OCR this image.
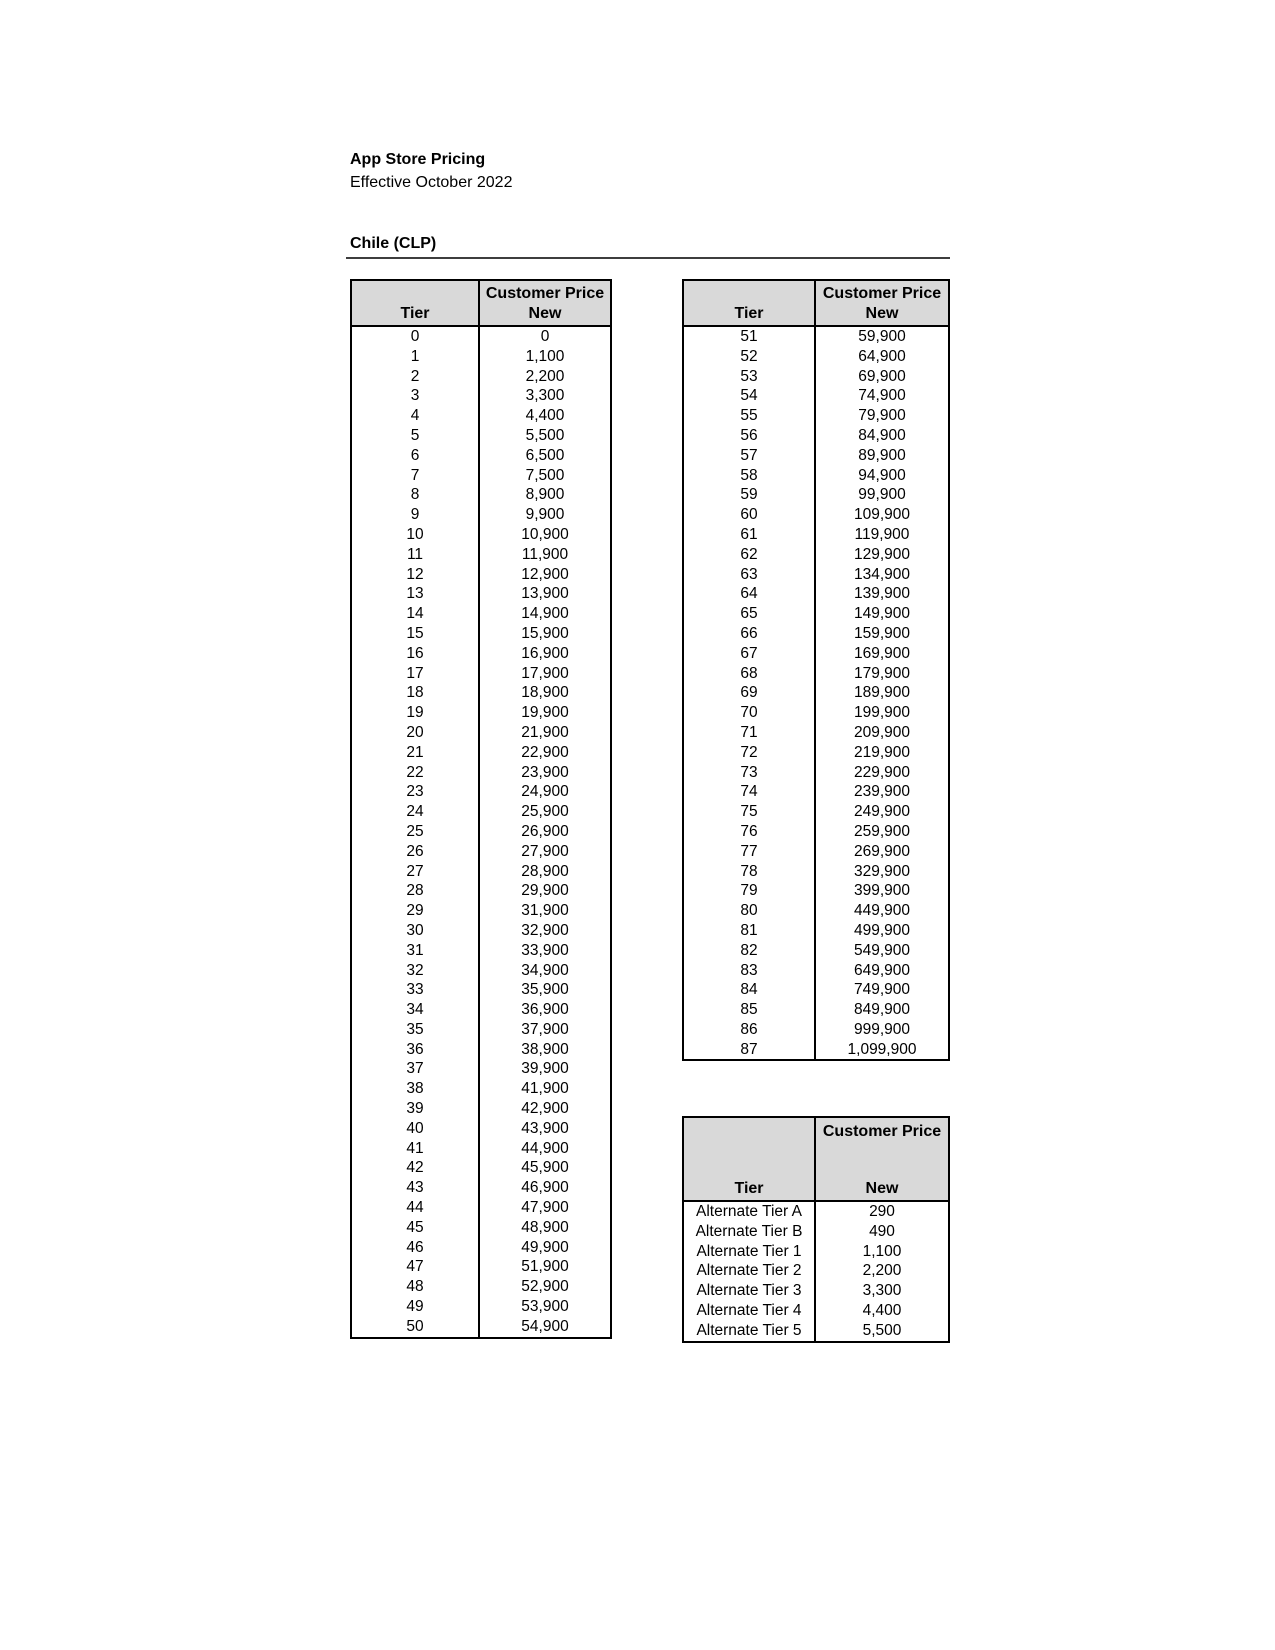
App Store Pricing
Effective October 2022
Chile (CLP)

Tier	Customer Price
New

0	0
1	1,100
2	2,200
3	3,300
4	4,400
5	5,500
6	6,500
7	7,500
8	8,900
9	9,900
10	10,900
11	11,900
12	12,900
13	13,900
14	14,900
15	15,900
16	16,900
17	17,900
18	18,900
19	19,900
20	21,900
21	22,900
22	23,900
23	24,900
24	25,900
25	26,900
26	27,900
27	28,900
28	29,900
29	31,900
30	32,900
31	33,900
32	34,900
33	35,900
34	36,900
35	37,900
36	38,900
37	39,900
38	41,900
39	42,900
40	43,900
41	44,900
42	45,900
43	46,900
44	47,900
45	48,900
46	49,900
47	51,900
48	52,900
49	53,900
50	54,900

Tier	Customer Price
New

51	59,900
52	64,900
53	69,900
54	74,900
55	79,900
56	84,900
57	89,900
58	94,900
59	99,900
60	109,900
61	119,900
62	129,900
63	134,900
64	139,900
65	149,900
66	159,900
67	169,900
68	179,900
69	189,900
70	199,900
71	209,900
72	219,900
73	229,900
74	239,900
75	249,900
76	259,900
77	269,900
78	329,900
79	399,900
80	449,900
81	499,900
82	549,900
83	649,900
84	749,900
85	849,900
86	999,900
87	1,099,900

Tier	Customer Price
New

Alternate Tier A	290
Alternate Tier B	490
Alternate Tier 1	1,100
Alternate Tier 2	2,200
Alternate Tier 3	3,300
Alternate Tier 4	4,400
Alternate Tier 5	5,500
